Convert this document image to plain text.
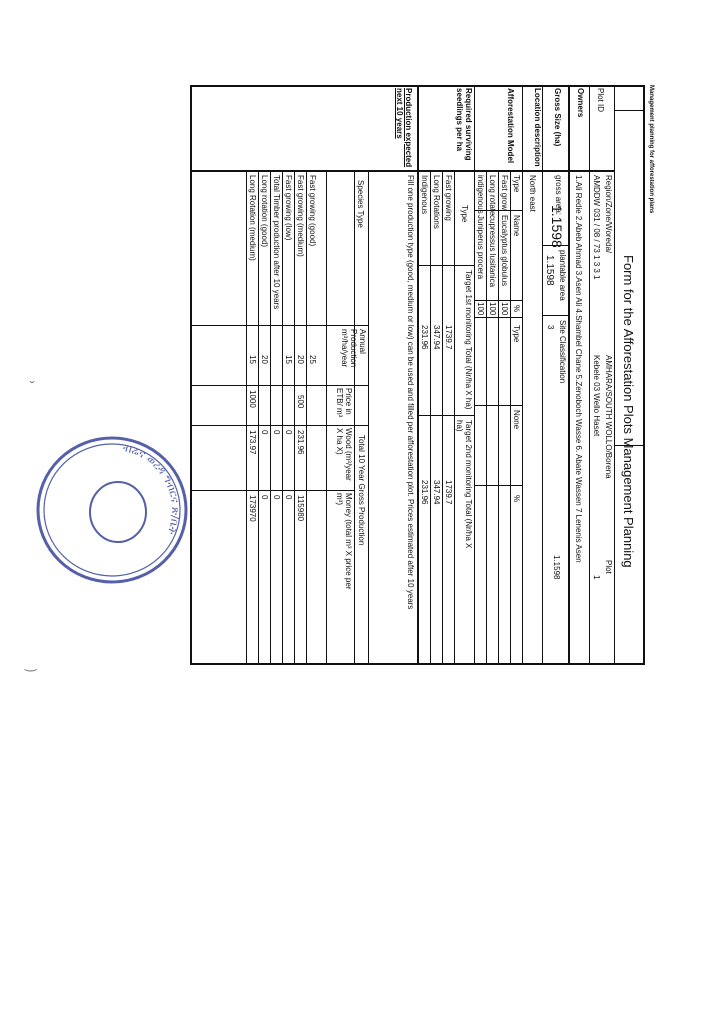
Management planning for afforestation plans
Form for the Afforestation Plots Management Planning
Plot ID
Region/Zone/Woreda/
AMHARA/SOUTH WOLLO/Borena
Plot
1
AMDDW 031 / 08 / 73 1 3 3 1
Kebele 03 Wello Haset
Owners
1.Ali Redie 2.Abeb Ahmad 3.Asen Ali 4.Shambel Chane 5.Zenoboch Wasse 6. Abate Wassen 7 Lenenis Asen
Gross Size (ha)
gross area:
1.1598
plantable area
1.1598
Site Classification
3
1.1598
Location description
North east
Afforestation Model
Type
Name
%
Type
None
%
Fast grow
Eucalyptus globulus
100
Long rotate
cupressus lusitanica
100
indigenous
Juniperus procera
100
Required surviving seedlings per ha
Type
Target 1st monitoring Total (Nr/ha X ha)
Target 2nd monitoring Total (Nr/ha X ha)
Fast growing
1739.7
1739.7
Long Rotations
347.94
347.94
Indigenous
231.96
231.96
Production expected next 10 years
Fill one production type (good, medium or low) can be used and filled per afforestation plot. Prices estimated after 10 years
Species Type
Annual Production m³/ha/year
Price in ETB/ m³
Total 10 Year Gross Production
Wood (m³/year X ha X)
Money (total m³ X price per m³)
Fast growing (good)
25
Fast growing (medium)
20
500
231.96
115980
Fast growing (low)
15
0
0
Total Timber production after 10 years
0
0
Long rotation (good)
20
0
0
Long Rotation (medium)
15
1000
173.97
173970
ብሬና ወረዳ ግብርና ጽ/ቤት
˘
‿
